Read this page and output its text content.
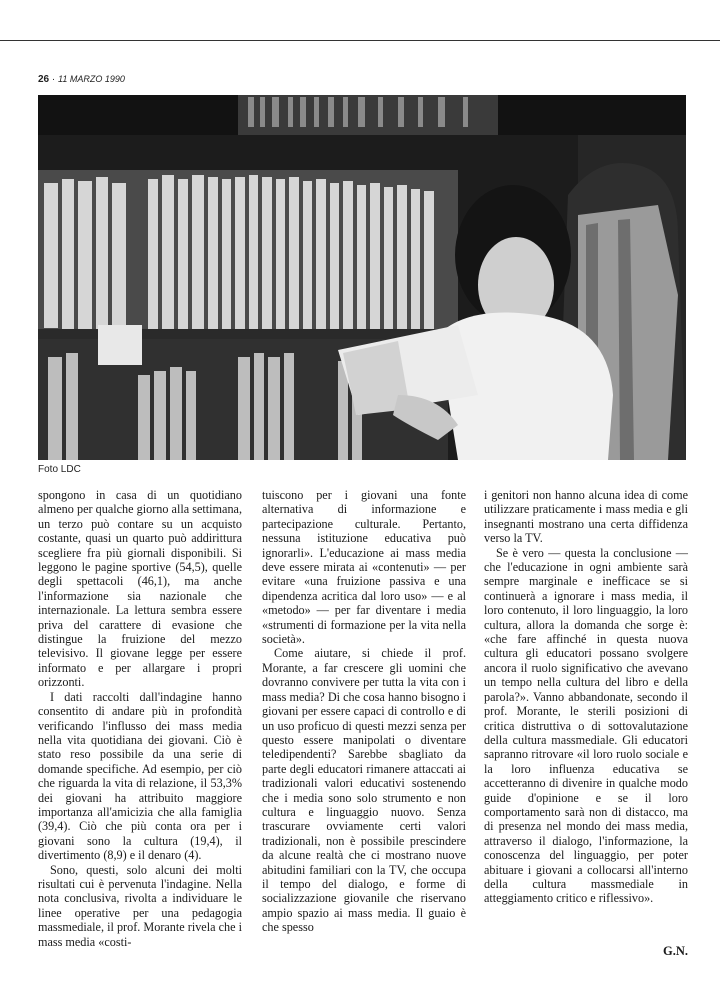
26 · 11 MARZO 1990
Foto LDC

spongono in casa di un quotidiano almeno per qualche giorno alla settimana, un terzo può contare su un acquisto costante, quasi un quarto può addirittura scegliere fra più giornali disponibili. Si leggono le pagine sportive (54,5), quelle degli spettacoli (46,1), ma anche l'informazione sia nazionale che internazionale. La lettura sembra essere priva del carattere di evasione che distingue la fruizione del mezzo televisivo. Il giovane legge per essere informato e per allargare i propri orizzonti.

I dati raccolti dall'indagine hanno consentito di andare più in profondità verificando l'influsso dei mass media nella vita quotidiana dei giovani. Ciò è stato reso possibile da una serie di domande specifiche. Ad esempio, per ciò che riguarda la vita di relazione, il 53,3% dei giovani ha attribuito maggiore importanza all'amicizia che alla famiglia (39,4). Ciò che più conta ora per i giovani sono la cultura (19,4), il divertimento (8,9) e il denaro (4).

Sono, questi, solo alcuni dei molti risultati cui è pervenuta l'indagine. Nella nota conclusiva, rivolta a individuare le linee operative per una pedagogia massmediale, il prof. Morante rivela che i mass media «costi-

tuiscono per i giovani una fonte alternativa di informazione e partecipazione culturale. Pertanto, nessuna istituzione educativa può ignorarli». L'educazione ai mass media deve essere mirata ai «contenuti» — per evitare «una fruizione passiva e una dipendenza acritica dal loro uso» — e al «metodo» — per far diventare i media «strumenti di formazione per la vita nella società».

Come aiutare, si chiede il prof. Morante, a far crescere gli uomini che dovranno convivere per tutta la vita con i mass media? Di che cosa hanno bisogno i giovani per essere capaci di controllo e di un uso proficuo di questi mezzi senza per questo essere manipolati o diventare teledipendenti? Sarebbe sbagliato da parte degli educatori rimanere attaccati ai tradizionali valori educativi sostenendo che i media sono solo strumento e non cultura e linguaggio nuovo. Senza trascurare ovviamente certi valori tradizionali, non è possibile prescindere da alcune realtà che ci mostrano nuove abitudini familiari con la TV, che occupa il tempo del dialogo, e forme di socializzazione giovanile che riservano ampio spazio ai mass media. Il guaio è che spesso

i genitori non hanno alcuna idea di come utilizzare praticamente i mass media e gli insegnanti mostrano una certa diffidenza verso la TV.

Se è vero — questa la conclusione — che l'educazione in ogni ambiente sarà sempre marginale e inefficace se si continuerà a ignorare i mass media, il loro contenuto, il loro linguaggio, la loro cultura, allora la domanda che sorge è: «che fare affinché in questa nuova cultura gli educatori possano svolgere ancora il ruolo significativo che avevano un tempo nella cultura del libro e della parola?». Vanno abbandonate, secondo il prof. Morante, le sterili posizioni di critica distruttiva o di sottovalutazione della cultura massmediale. Gli educatori sapranno ritrovare «il loro ruolo sociale e la loro influenza educativa se accetteranno di divenire in qualche modo guide d'opinione e se il loro comportamento sarà non di distacco, ma di presenza nel mondo dei mass media, attraverso il dialogo, l'informazione, la conoscenza del linguaggio, per poter abituare i giovani a collocarsi all'interno della cultura massmediale in atteggiamento critico e riflessivo».

G.N.
